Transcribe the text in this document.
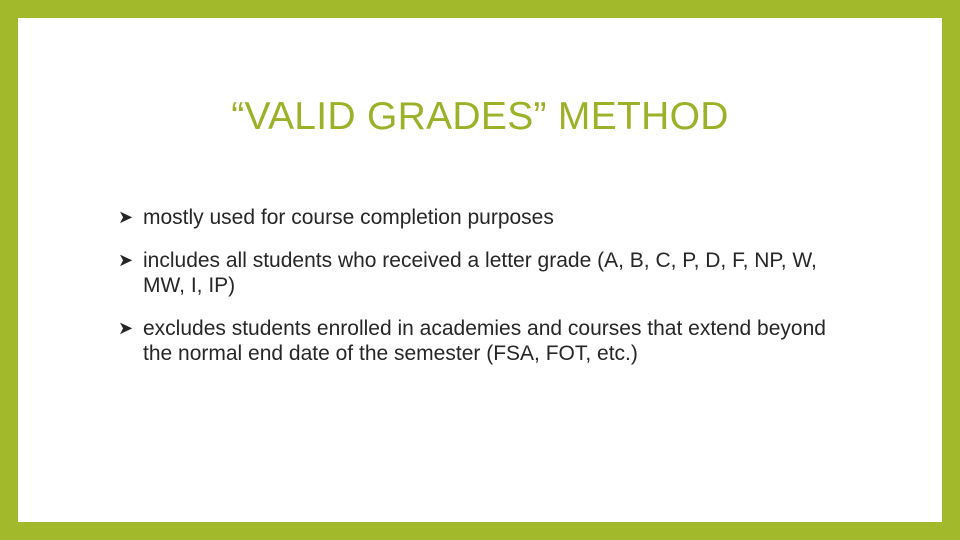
“VALID GRADES” METHOD
➤ mostly used for course completion purposes
➤ includes all students who received a letter grade (A, B, C, P, D, F, NP, W, MW, I, IP)
➤ excludes students enrolled in academies and courses that extend beyond the normal end date of the semester (FSA, FOT, etc.)
